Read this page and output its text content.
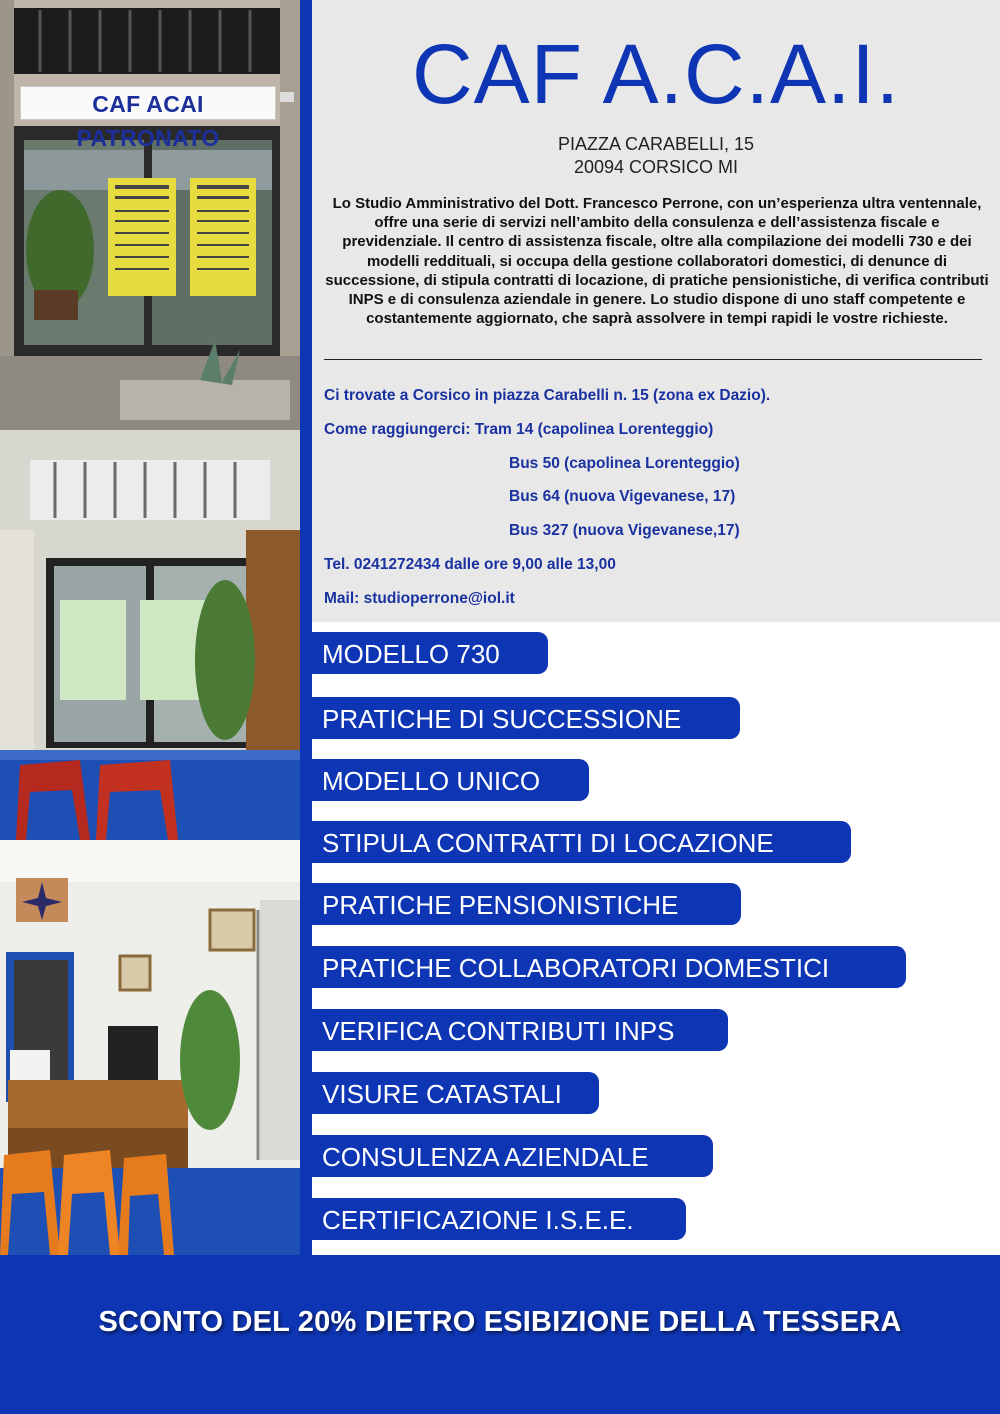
CAF ACAI PATRONATO
CAF A.C.A.I.
PIAZZA CARABELLI, 15
20094 CORSICO MI

Lo Studio Amministrativo del Dott. Francesco Perrone, con un’esperienza ultra ventennale, offre una serie di servizi nell’ambito della consulenza e dell’assistenza fiscale e previdenziale. Il centro di assistenza fiscale, oltre alla compilazione dei modelli 730 e dei modelli reddituali, si occupa della gestione collaboratori domestici, di denunce di successione, di stipula contratti di locazione, di pratiche pensionistiche, di verifica contributi INPS e di consulenza aziendale in genere. Lo studio dispone di uno staff competente e costantemente aggiornato, che saprà assolvere in tempi rapidi le vostre richieste.

Ci trovate a Corsico in piazza Carabelli n. 15 (zona ex Dazio).
Come raggiungerci: Tram 14 (capolinea Lorenteggio)
Bus 50 (capolinea Lorenteggio)
Bus 64 (nuova Vigevanese, 17)
Bus 327 (nuova Vigevanese,17)
Tel. 0241272434 dalle ore 9,00 alle 13,00
Mail: studioperrone@iol.it
MODELLO 730
PRATICHE DI SUCCESSIONE
MODELLO UNICO
STIPULA CONTRATTI DI LOCAZIONE
PRATICHE PENSIONISTICHE
PRATICHE COLLABORATORI DOMESTICI
VERIFICA CONTRIBUTI INPS
VISURE CATASTALI
CONSULENZA AZIENDALE
CERTIFICAZIONE I.S.E.E.
SCONTO DEL 20% DIETRO ESIBIZIONE DELLA TESSERA
